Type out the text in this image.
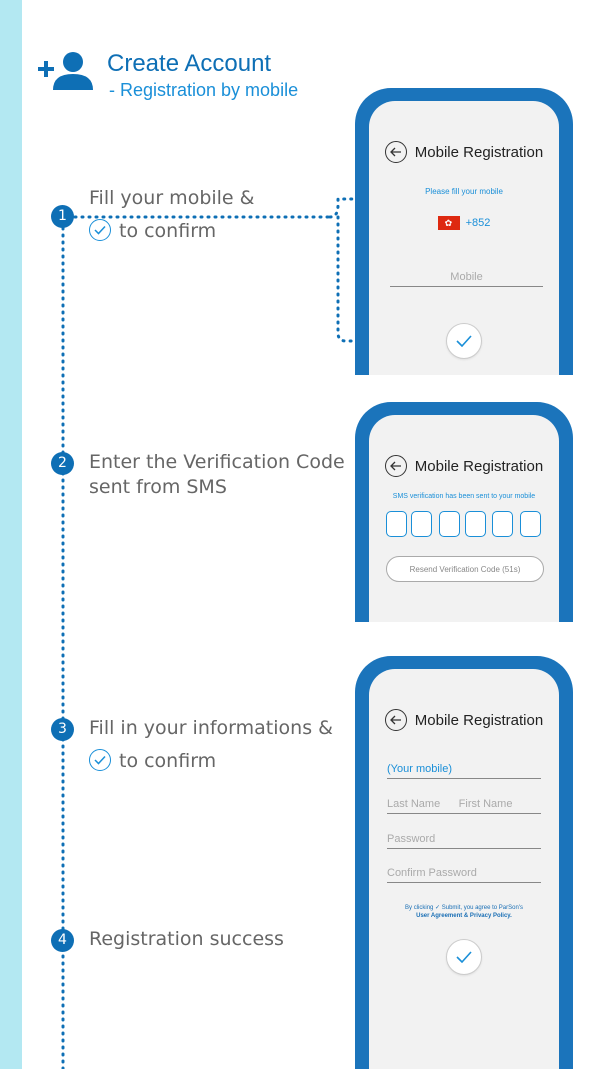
Create Account
- Registration by mobile
1
Fill your mobile &
to confirm
2	Enter the Verification Code
sent from SMS
3	Fill in your informations &
to confirm
4	Registration success
Mobile Registration
Please fill your mobile
✿ +852
Mobile
Mobile Registration
SMS verification has been sent to your mobile
Resend Verification Code (51s)
Mobile Registration
(Your mobile)
Last Name First Name
Password
Confirm Password
By clicking ✓ Submit, you agree to ParSon's
User Agreement & Privacy Policy.
